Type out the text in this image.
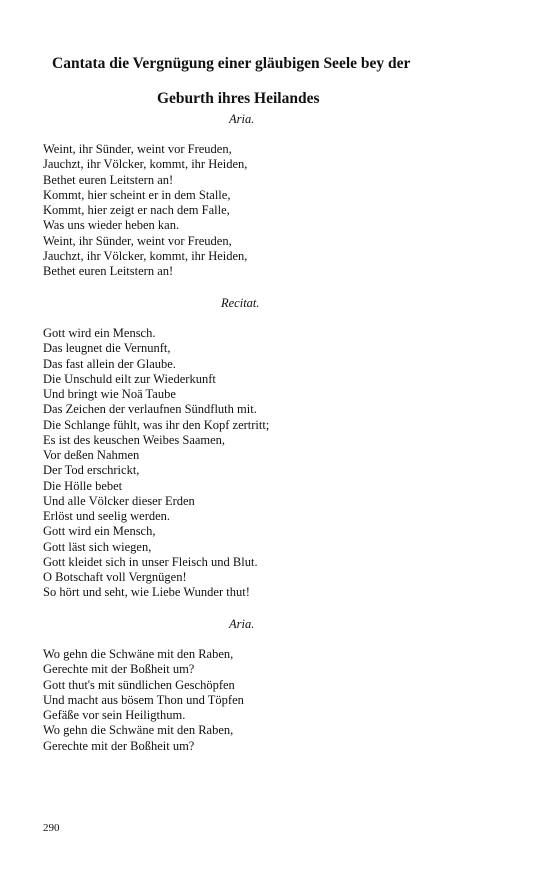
Cantata die Vergnügung einer gläubigen Seele bey der
Geburth ihres Heilandes
Aria.
Weint, ihr Sünder, weint vor Freuden,
Jauchzt, ihr Völcker, kommt, ihr Heiden,
Bethet euren Leitstern an!
Kommt, hier scheint er in dem Stalle,
Kommt, hier zeigt er nach dem Falle,
Was uns wieder heben kan.
Weint, ihr Sünder, weint vor Freuden,
Jauchzt, ihr Völcker, kommt, ihr Heiden,
Bethet euren Leitstern an!
Recitat.
Gott wird ein Mensch.
Das leugnet die Vernunft,
Das fast allein der Glaube.
Die Unschuld eilt zur Wiederkunft
Und bringt wie Noä Taube
Das Zeichen der verlaufnen Sündfluth mit.
Die Schlange fühlt, was ihr den Kopf zertritt;
Es ist des keuschen Weibes Saamen,
Vor deßen Nahmen
Der Tod erschrickt,
Die Hölle bebet
Und alle Völcker dieser Erden
Erlöst und seelig werden.
Gott wird ein Mensch,
Gott läst sich wiegen,
Gott kleidet sich in unser Fleisch und Blut.
O Botschaft voll Vergnügen!
So hört und seht, wie Liebe Wunder thut!
Aria.
Wo gehn die Schwäne mit den Raben,
Gerechte mit der Boßheit um?
Gott thut's mit sündlichen Geschöpfen
Und macht aus bösem Thon und Töpfen
Gefäße vor sein Heiligthum.
Wo gehn die Schwäne mit den Raben,
Gerechte mit der Boßheit um?
290
